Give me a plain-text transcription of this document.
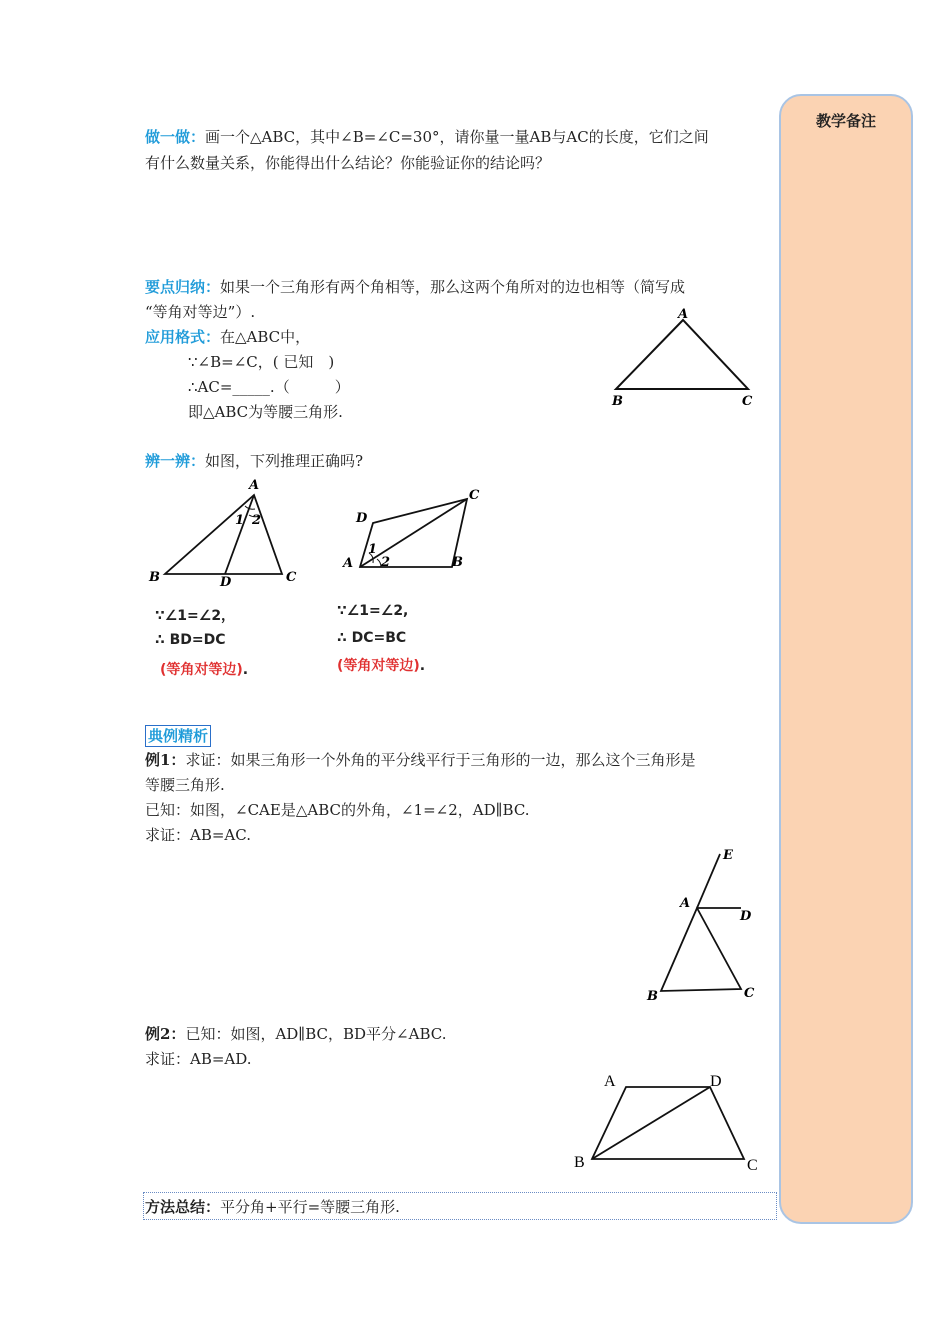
教学备注
做一做：画一个△ABC，其中∠B=∠C=30°，请你量一量AB与AC的长度，它们之间
有什么数量关系，你能得出什么结论？你能验证你的结论吗？
要点归纳：如果一个三角形有两个角相等，那么这两个角所对的边也相等（简写成
“等角对等边”）.
应用格式：在△ABC中，
∵∠B=∠C，( 已知　)
∴AC=_____.（　　　）
即△ABC为等腰三角形.
A
B	C
辨一辨：如图，下列推理正确吗?
A
B	C
D
1 2
A	B
C
D
1
2
∵∠1=∠2，
∴ BD=DC
(等角对等边).
∵∠1=∠2,
∴ DC=BC
(等角对等边).
典例精析
例1：求证：如果三角形一个外角的平分线平行于三角形的一边，那么这个三角形是
等腰三角形.
已知：如图，∠CAE是△ABC的外角，∠1=∠2，AD∥BC.
求证：AB=AC.
E
A
D
B	C
例2：已知：如图，AD∥BC，BD平分∠ABC.
求证：AB=AD.
A	D
B	C
方法总结：平分角+平行=等腰三角形.
